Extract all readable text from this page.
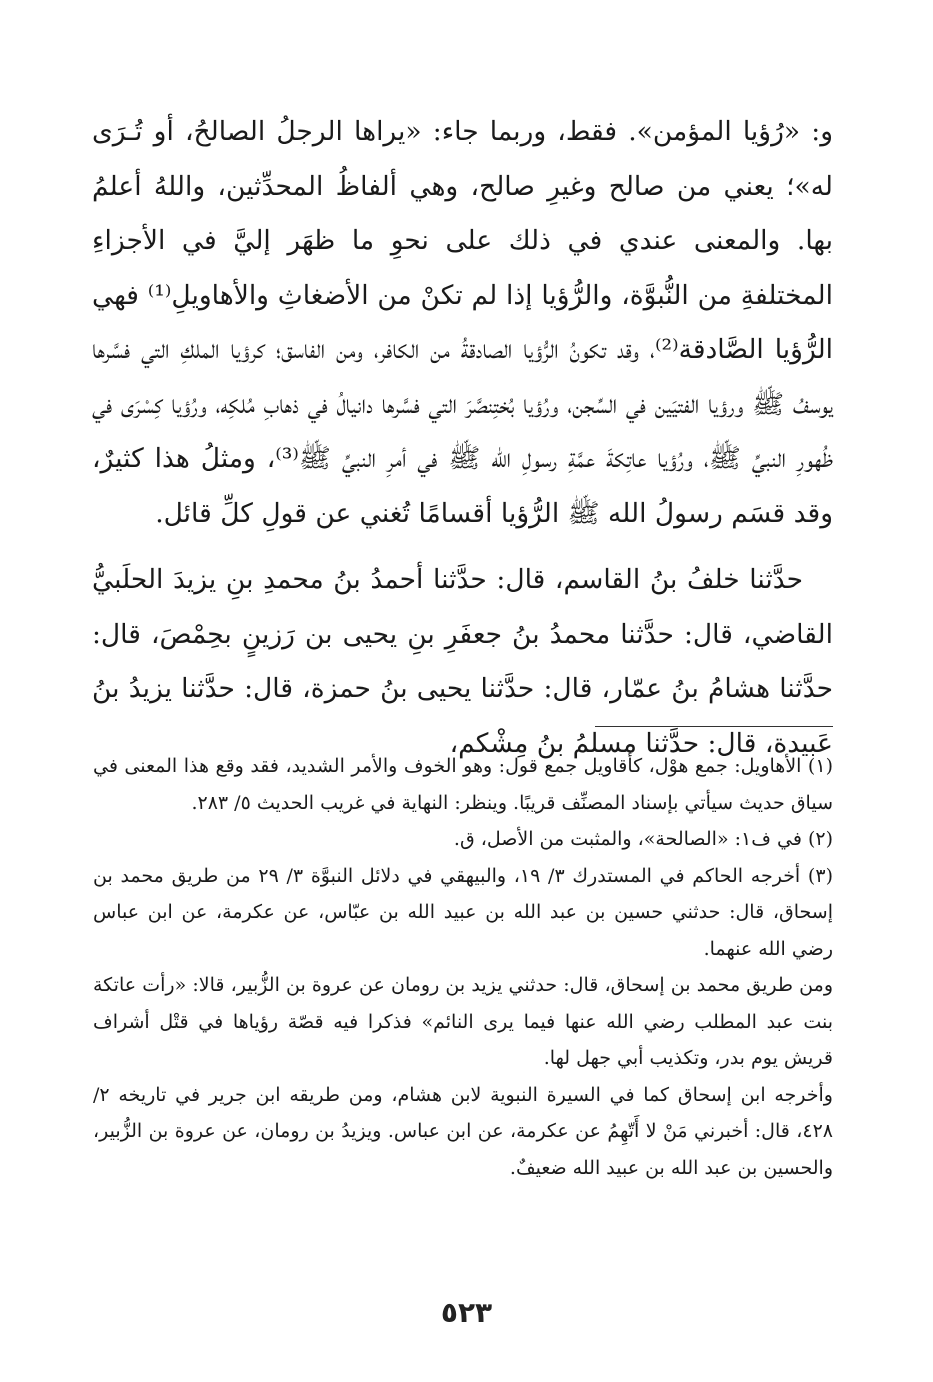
و: «رُؤيا المؤمن». فقط، وربما جاء: «يراها الرجلُ الصالحُ، أو تُـرَى له»؛ يعني من صالح وغيرِ صالح، وهي ألفاظُ المحدِّثين، واللهُ أعلمُ بها. والمعنى عندي في ذلك على نحوِ ما ظهَر إليَّ في الأجزاءِ المختلفةِ من النُّبوَّة، والرُّؤيا إذا لم تكنْ من الأضغاثِ والأهاويلِ⁽¹⁾ فهي الرُّؤيا الصَّادقة⁽²⁾، وقد تكونُ الرُّؤيا الصادقةُ من الكافر، ومن الفاسق؛ كرؤيا الملكِ التي فسَّرها يوسفُ ﷺ ورؤيا الفتيَين في السِّجن، ورُؤيا بُختِنصَّرَ التي فسَّرها دانيالُ في ذهابِ مُلكِه، ورُؤيا كِسْرَى في ظُهورِ النبيِّ ﷺ، ورُؤيا عاتِكةَ عمَّةِ رسولِ الله ﷺ في أمرِ النبيِّ ﷺ⁽³⁾، ومثلُ هذا كثيرٌ، وقد قسَم رسولُ الله ﷺ الرُّؤيا أقسامًا تُغني عن قولِ كلِّ قائل.

حدَّثنا خلفُ بنُ القاسم، قال: حدَّثنا أحمدُ بنُ محمدِ بنِ يزيدَ الحلَبيُّ القاضي، قال: حدَّثنا محمدُ بنُ جعفَرِ بنِ يحيى بن رَزينٍ بحِمْصَ، قال: حدَّثنا هشامُ بنُ عمّار، قال: حدَّثنا يحيى بنُ حمزة، قال: حدَّثنا يزيدُ بنُ عَبيدة، قال: حدَّثنا مسلمُ بنُ مِشْكم،

(١) الأهاويل: جمع هوْل، كأقاويل جمع قول: وهو الخوف والأمر الشديد، فقد وقع هذا المعنى في سياق حديث سيأتي بإسناد المصنِّف قريبًا. وينظر: النهاية في غريب الحديث ٥/ ٢٨٣.

(٢) في ف١: «الصالحة»، والمثبت من الأصل، ق.

(٣) أخرجه الحاكم في المستدرك ٣/ ١٩، والبيهقي في دلائل النبوَّة ٣/ ٢٩ من طريق محمد بن إسحاق، قال: حدثني حسين بن عبد الله بن عبيد الله بن عبّاس، عن عكرمة، عن ابن عباس رضي الله عنهما.

ومن طريق محمد بن إسحاق، قال: حدثني يزيد بن رومان عن عروة بن الزُّبير، قالا: «رأت عاتكة بنت عبد المطلب رضي الله عنها فيما يرى النائم» فذكرا فيه قصّة رؤياها في قتْل أشراف قريش يوم بدر، وتكذيب أبي جهل لها.

وأخرجه ابن إسحاق كما في السيرة النبوية لابن هشام، ومن طريقه ابن جرير في تاريخه ٢/ ٤٢٨، قال: أخبرني مَنْ لا أَتّهِمُ عن عكرمة، عن ابن عباس. ويزيدُ بن رومان، عن عروة بن الزُّبير، والحسين بن عبد الله بن عبيد الله ضعيفٌ.

٥٢٣
